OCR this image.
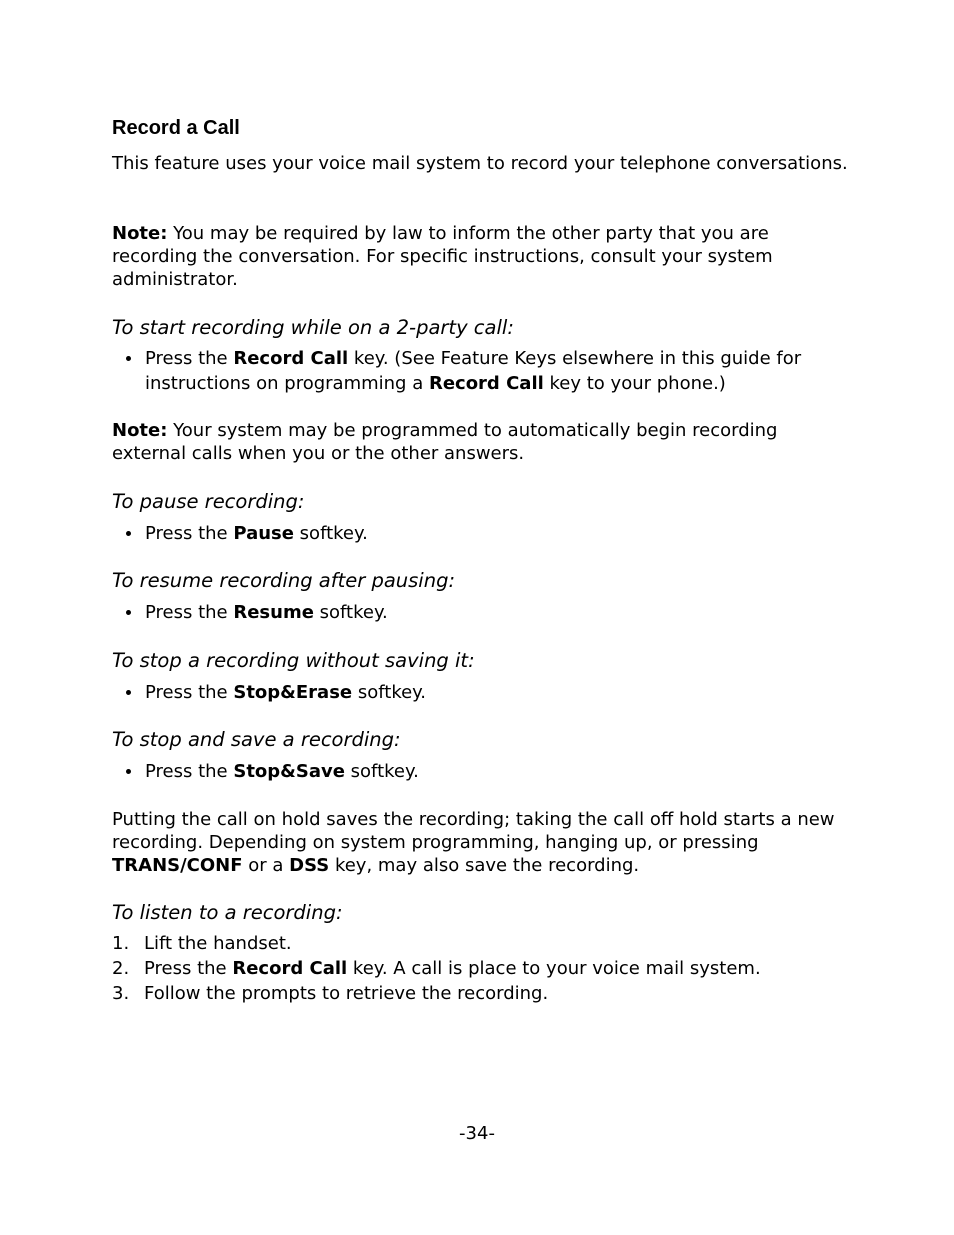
Record a Call

This feature uses your voice mail system to record your telephone conversations.

Note: You may be required by law to inform the other party that you are recording the conversation. For specific instructions, consult your system administrator.

To start recording while on a 2-party call:

Press the Record Call key. (See Feature Keys elsewhere in this guide for instructions on programming a Record Call key to your phone.)

Note: Your system may be programmed to automatically begin recording external calls when you or the other answers.

To pause recording:

Press the Pause softkey.

To resume recording after pausing:

Press the Resume softkey.

To stop a recording without saving it:

Press the Stop&Erase softkey.

To stop and save a recording:

Press the Stop&Save softkey.

Putting the call on hold saves the recording; taking the call off hold starts a new recording. Depending on system programming, hanging up, or pressing TRANS/CONF or a DSS key, may also save the recording.

To listen to a recording:

1. Lift the handset.
2. Press the Record Call key. A call is place to your voice mail system.
3. Follow the prompts to retrieve the recording.
-34-
